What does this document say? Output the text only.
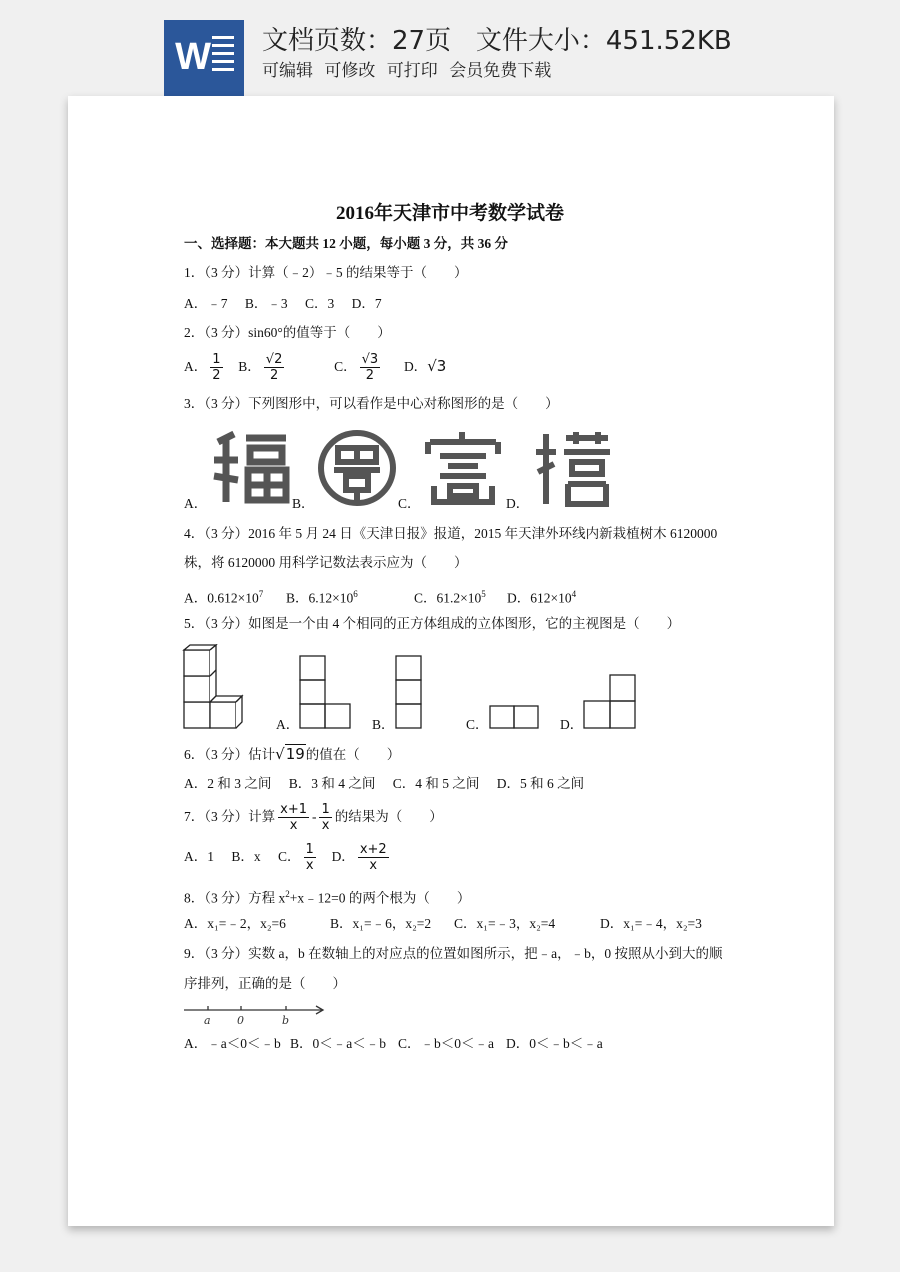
W 文档页数：27页   文件大小：451.52KB
可编辑 可修改 可打印 会员免费下载
2016年天津市中考数学试卷
一、选择题：本大题共 12 小题，每小题 3 分，共 36 分
1．（3 分）计算（﹣2）﹣5 的结果等于（　　）
A．﹣7 B．﹣3 C．3 D．7
2．（3 分）sin60°的值等于（　　）
A． $\frac{1}{2}$ B． $\frac{√2}{2}$	C． $\frac{√3}{2}$ D．√3
3．（3 分）下列图形中，可以看作是中心对称图形的是（　　）
A．	B．	C．	D．
4．（3 分）2016 年 5 月 24 日《天津日报》报道，2015 年天津外环线内新栽植树木 6120000
株，将 6120000 用科学记数法表示应为（　　）
A．$0.612\times 10^7$ B．$6.12\times 10^6$	C．$61.2\times 10^5$ D．$612\times 10^4$
5．（3 分）如图是一个由 4 个相同的正方体组成的立体图形，它的主视图是（　　）
A．	B．	C．	D．
6．（3 分）估计√19的值在（　　）
A．2 和 3 之间 B．3 和 4 之间 C．4 和 5 之间 D．5 和 6 之间
7．（3 分）计算 $\frac{x+1}{x} - \frac{1}{x}$ 的结果为（　　）
A．1 B．x C． $\frac{1}{x}$ D． $\frac{x+2}{x}$
8．（3 分）方程 $x^2+x﹣12=0$ 的两个根为（　　）
A．x₁=﹣2，x₂=6	B．x₁=﹣6，x₂=2 C．x₁=﹣3，x₂=4	D．x₁=﹣4，x₂=3
9．（3 分）实数 a，b 在数轴上的对应点的位置如图所示，把﹣a，﹣b，0 按照从小到大的顺
序排列，正确的是（　　）
a 0	b
A．﹣a＜0＜﹣b B．0＜﹣a＜﹣b C．﹣b＜0＜﹣a D．0＜﹣b＜﹣a
